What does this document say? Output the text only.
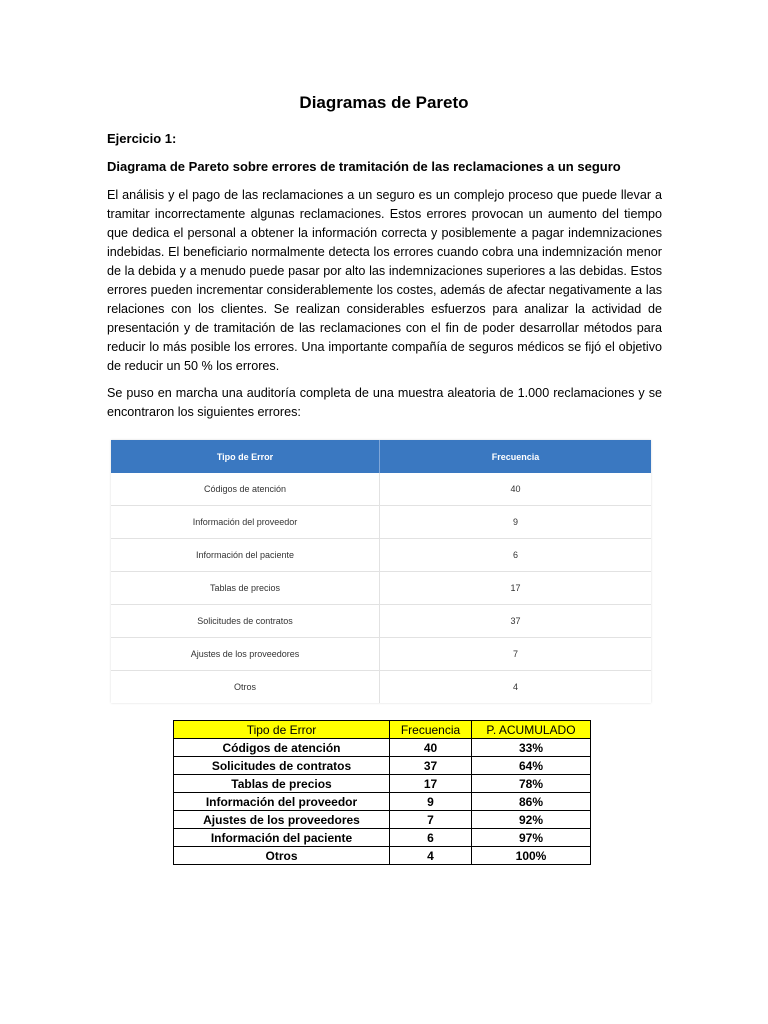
Diagramas de Pareto
Ejercicio 1:
Diagrama de Pareto sobre errores de tramitación de las reclamaciones a un seguro

El análisis y el pago de las reclamaciones a un seguro es un complejo proceso que puede llevar a tramitar incorrectamente algunas reclamaciones. Estos errores provocan un aumento del tiempo que dedica el personal a obtener la información correcta y posiblemente a pagar indemnizaciones indebidas. El beneficiario normalmente detecta los errores cuando cobra una indemnización menor de la debida y a menudo puede pasar por alto las indemnizaciones superiores a las debidas. Estos errores pueden incrementar considerablemente los costes, además de afectar negativamente a las relaciones con los clientes. Se realizan considerables esfuerzos para analizar la actividad de presentación y de tramitación de las reclamaciones con el fin de poder desarrollar métodos para reducir lo más posible los errores. Una importante compañía de seguros médicos se fijó el objetivo de reducir un 50 % los errores.

Se puso en marcha una auditoría completa de una muestra aleatoria de 1.000 reclamaciones y se encontraron los siguientes errores:

Tipo de Error	Frecuencia
Códigos de atención	40
Información del proveedor	9
Información del paciente	6
Tablas de precios	17
Solicitudes de contratos	37
Ajustes de los proveedores	7
Otros	4
Tipo de Error	Frecuencia	P. ACUMULADO
Códigos de atención	40	33%
Solicitudes de contratos	37	64%
Tablas de precios	17	78%
Información del proveedor	9	86%
Ajustes de los proveedores	7	92%
Información del paciente	6	97%
Otros	4	100%
